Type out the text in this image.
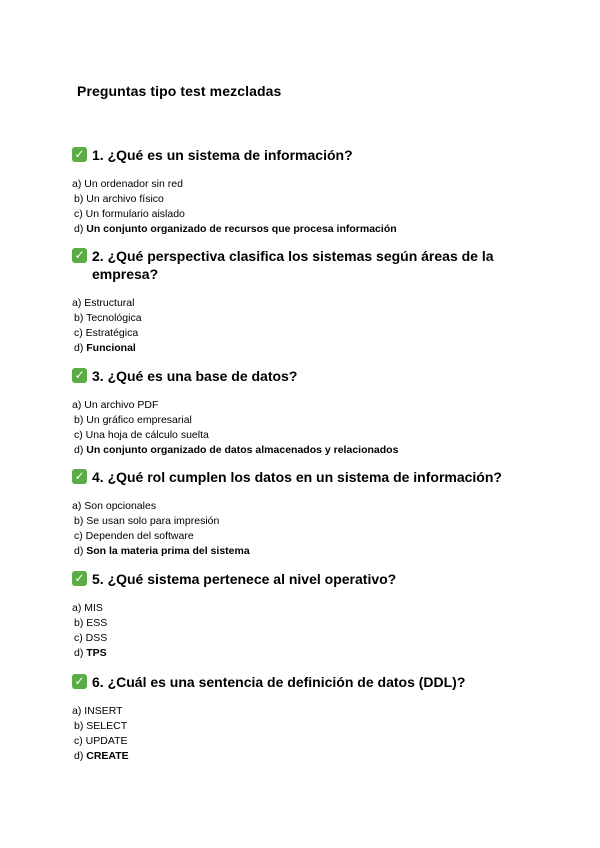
Preguntas tipo test mezcladas
✓ 1. ¿Qué es un sistema de información?
a) Un ordenador sin red
b) Un archivo físico
c) Un formulario aislado
d) Un conjunto organizado de recursos que procesa información
✓ 2. ¿Qué perspectiva clasifica los sistemas según áreas de la empresa?
a) Estructural
b) Tecnológica
c) Estratégica
d) Funcional
✓ 3. ¿Qué es una base de datos?
a) Un archivo PDF
b) Un gráfico empresarial
c) Una hoja de cálculo suelta
d) Un conjunto organizado de datos almacenados y relacionados
✓ 4. ¿Qué rol cumplen los datos en un sistema de información?
a) Son opcionales
b) Se usan solo para impresión
c) Dependen del software
d) Son la materia prima del sistema
✓ 5. ¿Qué sistema pertenece al nivel operativo?
a) MIS
b) ESS
c) DSS
d) TPS
✓ 6. ¿Cuál es una sentencia de definición de datos (DDL)?
a) INSERT
b) SELECT
c) UPDATE
d) CREATE
